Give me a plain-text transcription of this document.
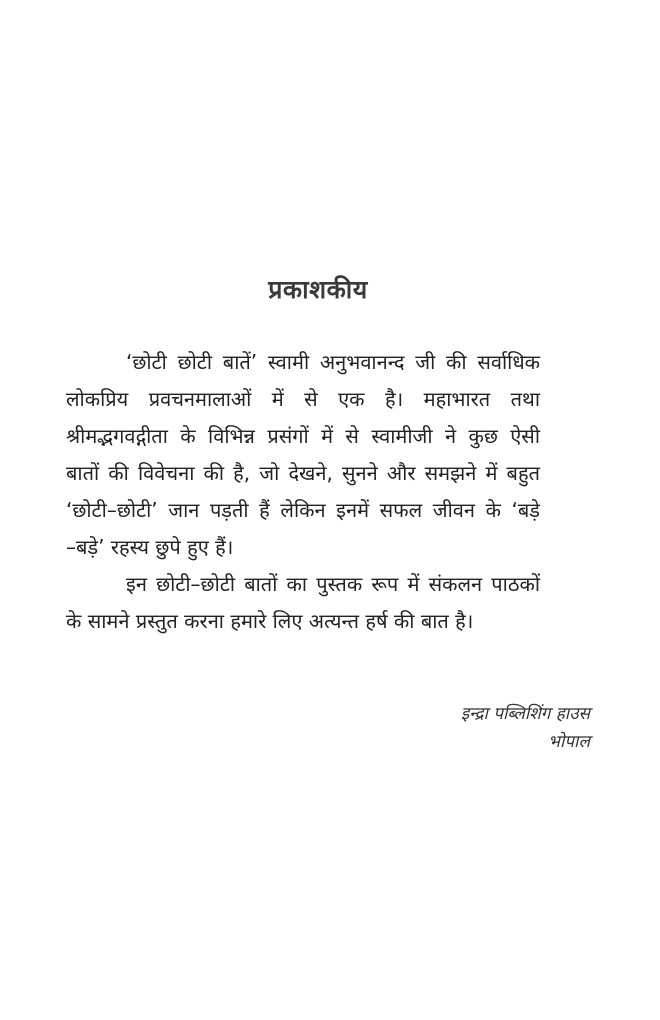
प्रकाशकीय
‘छोटी छोटी बातें’ स्वामी अनुभवानन्द जी की सर्वाधिक
लोकप्रिय प्रवचनमालाओं में से एक है। महाभारत तथा
श्रीमद्भगवद्गीता के विभिन्न प्रसंगों में से स्वामीजी ने कुछ ऐसी
बातों की विवेचना की है, जो देखने, सुनने और समझने में बहुत
‘छोटी–छोटी’ जान पड़ती हैं लेकिन इनमें सफल जीवन के ‘बड़े
–बड़े’ रहस्य छुपे हुए हैं।
इन छोटी–छोटी बातों का पुस्तक रूप में संकलन पाठकों
के सामने प्रस्तुत करना हमारे लिए अत्यन्त हर्ष की बात है।
इन्द्रा पब्लिशिंग हाउस
भोपाल
